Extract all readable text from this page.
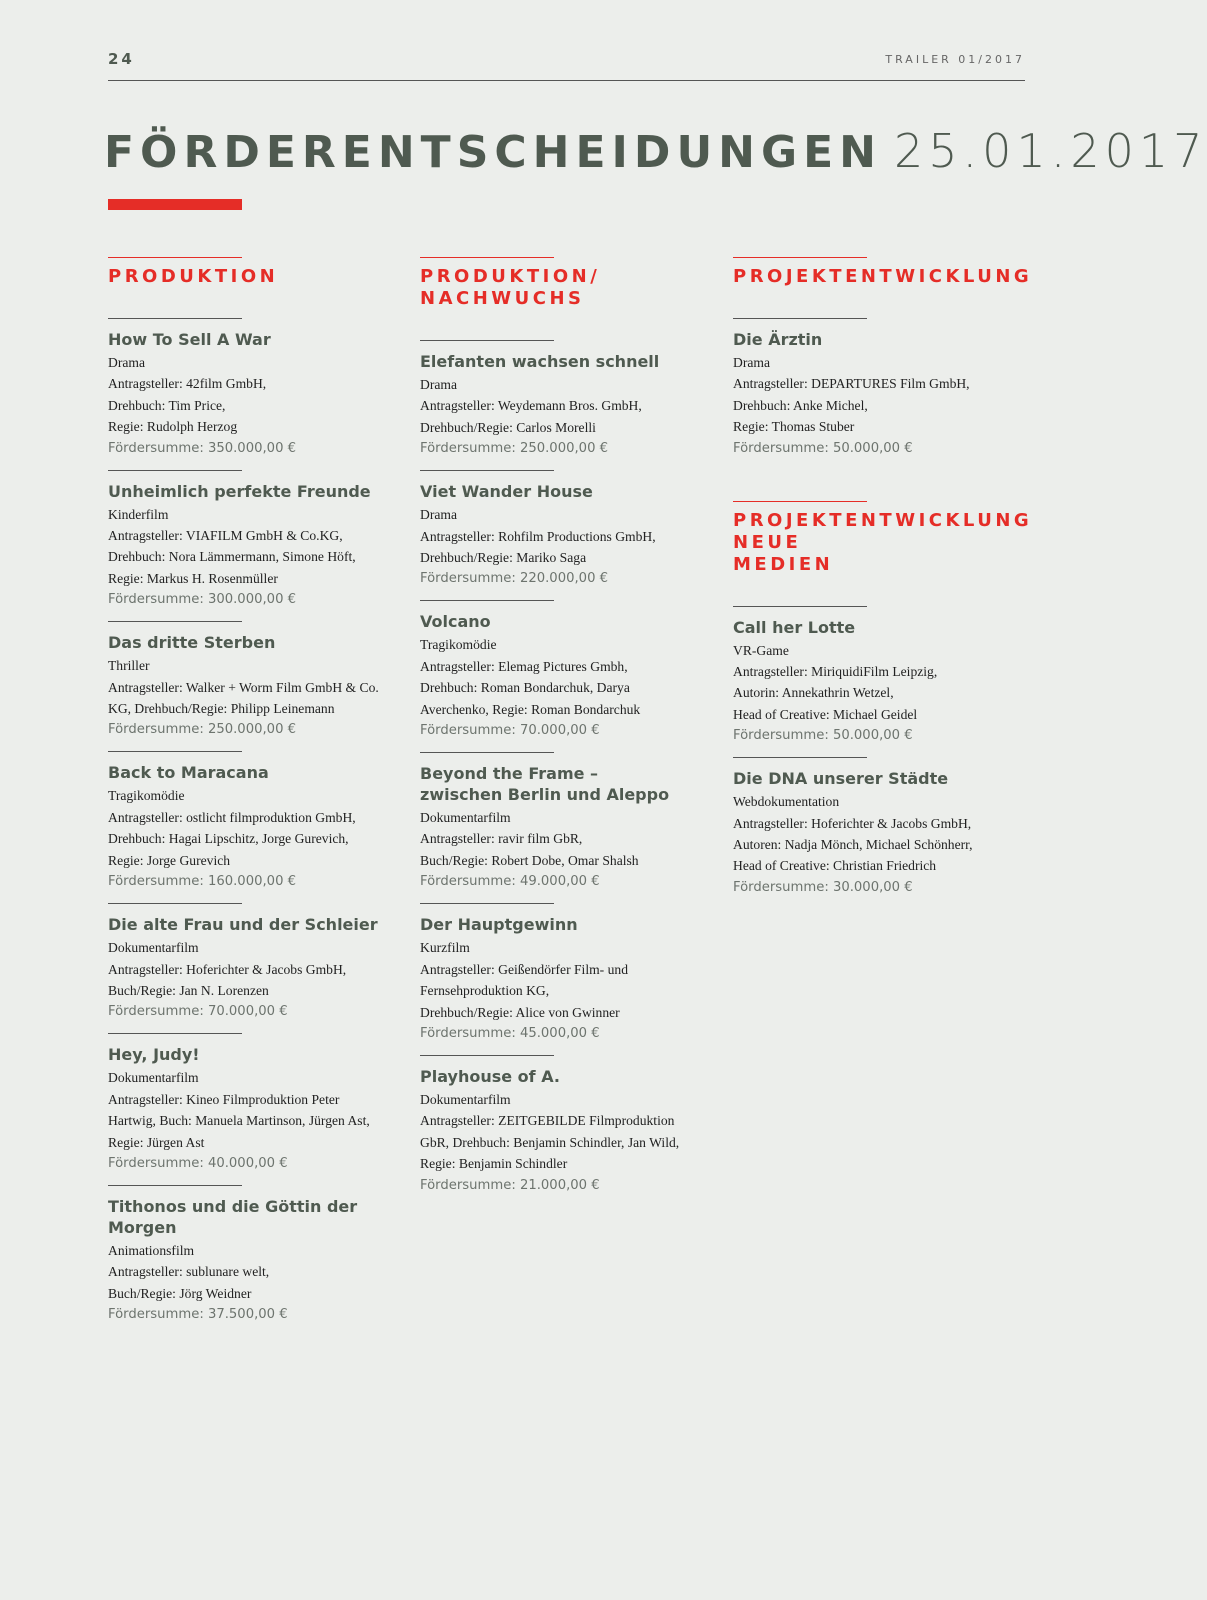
24	TRAILER 01/2017
FÖRDERENTSCHEIDUNGEN 25.01.2017
PRODUKTION
How To Sell A War
Drama
Antragsteller: 42film GmbH,
Drehbuch: Tim Price,
Regie: Rudolph Herzog
Fördersumme: 350.000,00 €
Unheimlich perfekte Freunde
Kinderfilm
Antragsteller: VIAFILM GmbH & Co.KG,
Drehbuch: Nora Lämmermann, Simone Höft,
Regie: Markus H. Rosenmüller
Fördersumme: 300.000,00 €
Das dritte Sterben
Thriller
Antragsteller: Walker + Worm Film GmbH & Co.
KG, Drehbuch/Regie: Philipp Leinemann
Fördersumme: 250.000,00 €
Back to Maracana
Tragikomödie
Antragsteller: ostlicht filmproduktion GmbH,
Drehbuch: Hagai Lipschitz, Jorge Gurevich,
Regie: Jorge Gurevich
Fördersumme: 160.000,00 €
Die alte Frau und der Schleier
Dokumentarfilm
Antragsteller: Hoferichter & Jacobs GmbH,
Buch/Regie: Jan N. Lorenzen
Fördersumme: 70.000,00 €
Hey, Judy!
Dokumentarfilm
Antragsteller: Kineo Filmproduktion Peter
Hartwig, Buch: Manuela Martinson, Jürgen Ast,
Regie: Jürgen Ast
Fördersumme: 40.000,00 €
Tithonos und die Göttin der Morgen
Animationsfilm
Antragsteller: sublunare welt,
Buch/Regie: Jörg Weidner
Fördersumme: 37.500,00 €
PRODUKTION/
NACHWUCHS
Elefanten wachsen schnell
Drama
Antragsteller: Weydemann Bros. GmbH,
Drehbuch/Regie: Carlos Morelli
Fördersumme: 250.000,00 €
Viet Wander House
Drama
Antragsteller: Rohfilm Productions GmbH,
Drehbuch/Regie: Mariko Saga
Fördersumme: 220.000,00 €
Volcano
Tragikomödie
Antragsteller: Elemag Pictures Gmbh,
Drehbuch: Roman Bondarchuk, Darya
Averchenko, Regie: Roman Bondarchuk
Fördersumme: 70.000,00 €
Beyond the Frame –
zwischen Berlin und Aleppo
Dokumentarfilm
Antragsteller: ravir film GbR,
Buch/Regie: Robert Dobe, Omar Shalsh
Fördersumme: 49.000,00 €
Der Hauptgewinn
Kurzfilm
Antragsteller: Geißendörfer Film- und
Fernsehproduktion KG,
Drehbuch/Regie: Alice von Gwinner
Fördersumme: 45.000,00 €
Playhouse of A.
Dokumentarfilm
Antragsteller: ZEITGEBILDE Filmproduktion
GbR, Drehbuch: Benjamin Schindler, Jan Wild,
Regie: Benjamin Schindler
Fördersumme: 21.000,00 €
PROJEKTENTWICKLUNG
Die Ärztin
Drama
Antragsteller: DEPARTURES Film GmbH,
Drehbuch: Anke Michel,
Regie: Thomas Stuber
Fördersumme: 50.000,00 €
PROJEKTENTWICKLUNG
NEUE MEDIEN
Call her Lotte
VR-Game
Antragsteller: MiriquidiFilm Leipzig,
Autorin: Annekathrin Wetzel,
Head of Creative: Michael Geidel
Fördersumme: 50.000,00 €
Die DNA unserer Städte
Webdokumentation
Antragsteller: Hoferichter & Jacobs GmbH,
Autoren: Nadja Mönch, Michael Schönherr,
Head of Creative: Christian Friedrich
Fördersumme: 30.000,00 €
